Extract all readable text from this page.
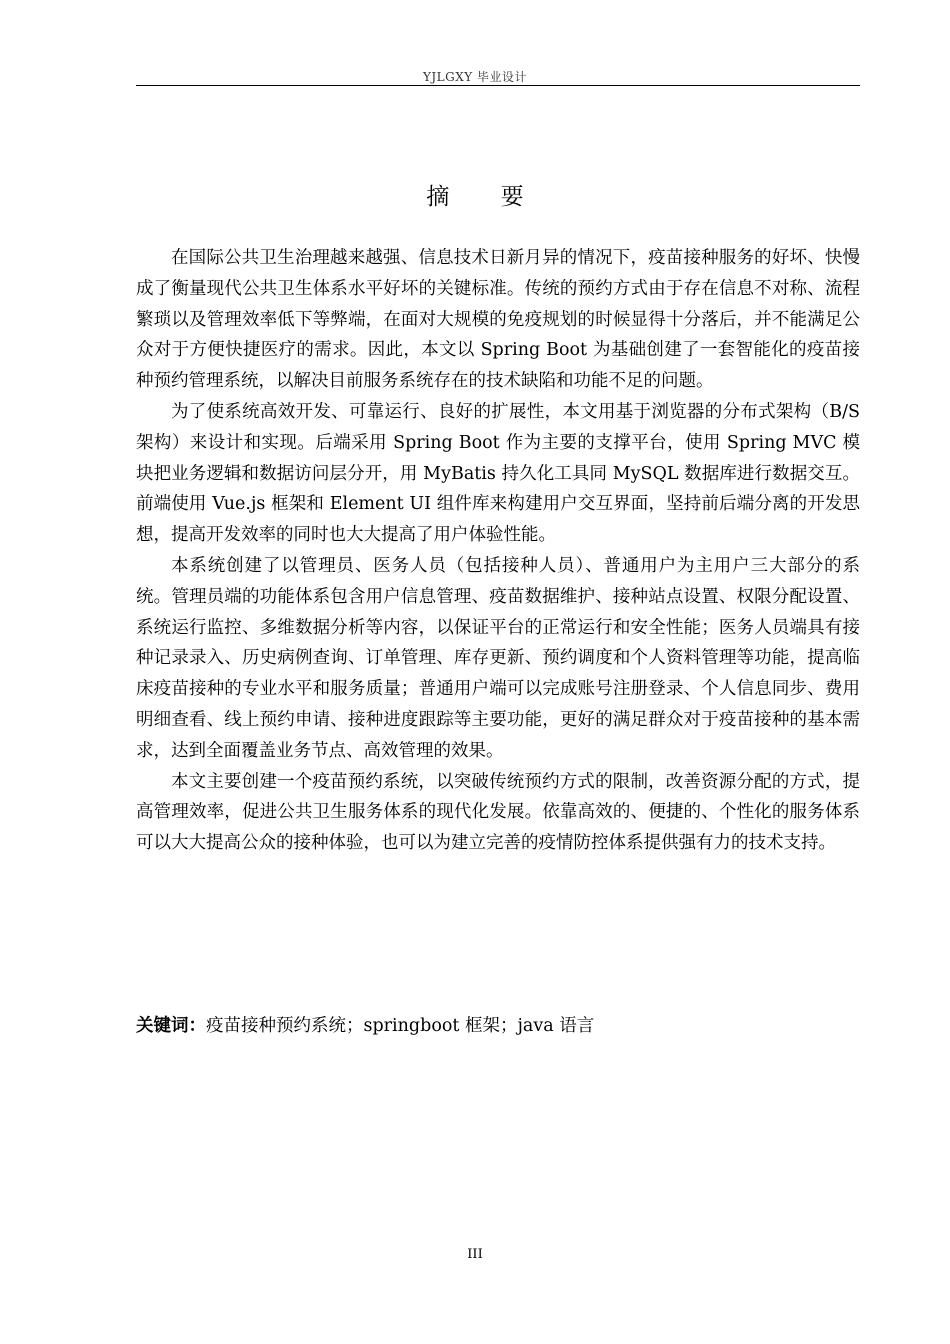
YJLGXY 毕业设计
摘 要

在国际公共卫生治理越来越强、信息技术日新月异的情况下，疫苗接种服务的好坏、快慢成了衡量现代公共卫生体系水平好坏的关键标准。传统的预约方式由于存在信息不对称、流程繁琐以及管理效率低下等弊端，在面对大规模的免疫规划的时候显得十分落后，并不能满足公众对于方便快捷医疗的需求。因此，本文以 Spring Boot 为基础创建了一套智能化的疫苗接种预约管理系统，以解决目前服务系统存在的技术缺陷和功能不足的问题。

为了使系统高效开发、可靠运行、良好的扩展性，本文用基于浏览器的分布式架构（B/S 架构）来设计和实现。后端采用 Spring Boot 作为主要的支撑平台，使用 Spring MVC 模块把业务逻辑和数据访问层分开，用 MyBatis 持久化工具同 MySQL 数据库进行数据交互。前端使用 Vue.js 框架和 Element UI 组件库来构建用户交互界面，坚持前后端分离的开发思想，提高开发效率的同时也大大提高了用户体验性能。

本系统创建了以管理员、医务人员（包括接种人员）、普通用户为主用户三大部分的系统。管理员端的功能体系包含用户信息管理、疫苗数据维护、接种站点设置、权限分配设置、系统运行监控、多维数据分析等内容，以保证平台的正常运行和安全性能；医务人员端具有接种记录录入、历史病例查询、订单管理、库存更新、预约调度和个人资料管理等功能，提高临床疫苗接种的专业水平和服务质量；普通用户端可以完成账号注册登录、个人信息同步、费用明细查看、线上预约申请、接种进度跟踪等主要功能，更好的满足群众对于疫苗接种的基本需求，达到全面覆盖业务节点、高效管理的效果。

本文主要创建一个疫苗预约系统，以突破传统预约方式的限制，改善资源分配的方式，提高管理效率，促进公共卫生服务体系的现代化发展。依靠高效的、便捷的、个性化的服务体系可以大大提高公众的接种体验，也可以为建立完善的疫情防控体系提供强有力的技术支持。

关键词：疫苗接种预约系统；springboot 框架；java 语言
III
